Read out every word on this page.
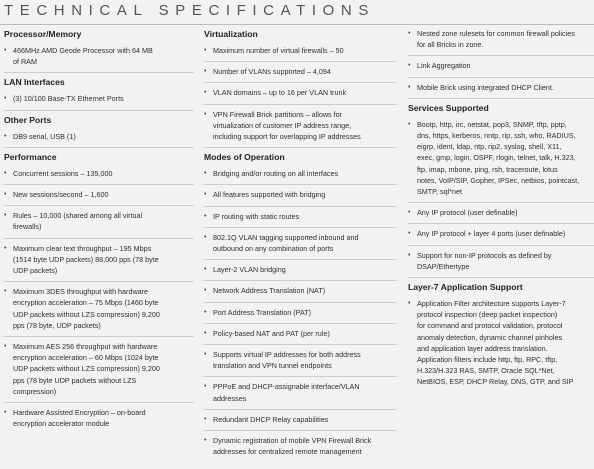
TECHNICAL SPECIFICATIONS
Processor/Memory
• 466MHz AMD Geode Processor with 64 MB
of RAM
LAN Interfaces
• (3) 10/100 Base-TX Ethernet Ports
Other Ports
• DB9 serial, USB (1)
Performance
• Concurrent sessions – 135,000
• New sessions/second – 1,600
• Rules – 10,000 (shared among all virtual
firewalls)
• Maximum clear text throughput – 195 Mbps
(1514 byte UDP packets) 88,000 pps (78 byte
UDP packets)
• Maximum 3DES throughput with hardware
encryption acceleration – 75 Mbps (1460 byte
UDP packets without LZS compression) 9,200
pps (78 byte, UDP packets)
• Maximum AES 256 throughput with hardware
encryption acceleration – 60 Mbps (1024 byte
UDP packets without LZS compression) 9,200
pps (78 byte UDP packets without LZS
compression)
• Hardware Assisted Encryption – on-board
encryption accelerator module
Virtualization
• Maximum number of virtual firewalls – 50
• Number of VLANs supported – 4,094
• VLAN domains – up to 16 per VLAN trunk
• VPN Firewall Brick partitions – allows for
virtualization of customer IP address range,
including support for overlapping IP addresses
Modes of Operation
• Bridging and/or routing on all interfaces
• All features supported with bridging
• IP routing with static routes
• 802.1Q VLAN tagging supported inbound and
outbound on any combination of ports
• Layer-2 VLAN bridging
• Network Address Translation (NAT)
• Port Address Translation (PAT)
• Policy-based NAT and PAT (per rule)
• Supports virtual IP addresses for both address
translation and VPN tunnel endpoints
• PPPoE and DHCP-assignable interface/VLAN
addresses
• Redundant DHCP Relay capabilities
• Dynamic registration of mobile VPN Firewall Brick
addresses for centralized remote management
• Nested zone rulesets for common firewall policies
for all Bricks in zone.
• Link Aggregation
• Mobile Brick using integrated DHCP Client.
Services Supported
• Bootp, http, irc, netstat, pop3, SNMP, tftp, pptp,
dns, https, kerberos, nntp, rip, ssh, who, RADIUS,
eigrp, ident, ldap, ntp, rip2, syslog, shell, X11,
exec, gmp, login, OSPF, rlogin, telnet, talk, H.323,
ftp, imap, mbone, ping, rsh, traceroute, lotus
notes, VoIP/SIP, Gopher, IPSec, netbios, pointcast,
SMTP, sql*net
• Any IP protocol (user definable)
• Any IP protocol + layer 4 ports (user definable)
• Support for non-IP protocols as defined by
DSAP/Ethertype
Layer-7 Application Support
• Application Filter architecture supports Layer-7
protocol inspection (deep packet inspection)
for command and protocol validation, protocol
anomaly detection, dynamic channel pinholes
and application layer address translation.
Application filters include http, ftp, RPC, tftp,
H.323/H.323 RAS, SMTP, Oracle SQL*Net,
NetBIOS, ESP, DHCP Relay, DNS, GTP, and SIP
